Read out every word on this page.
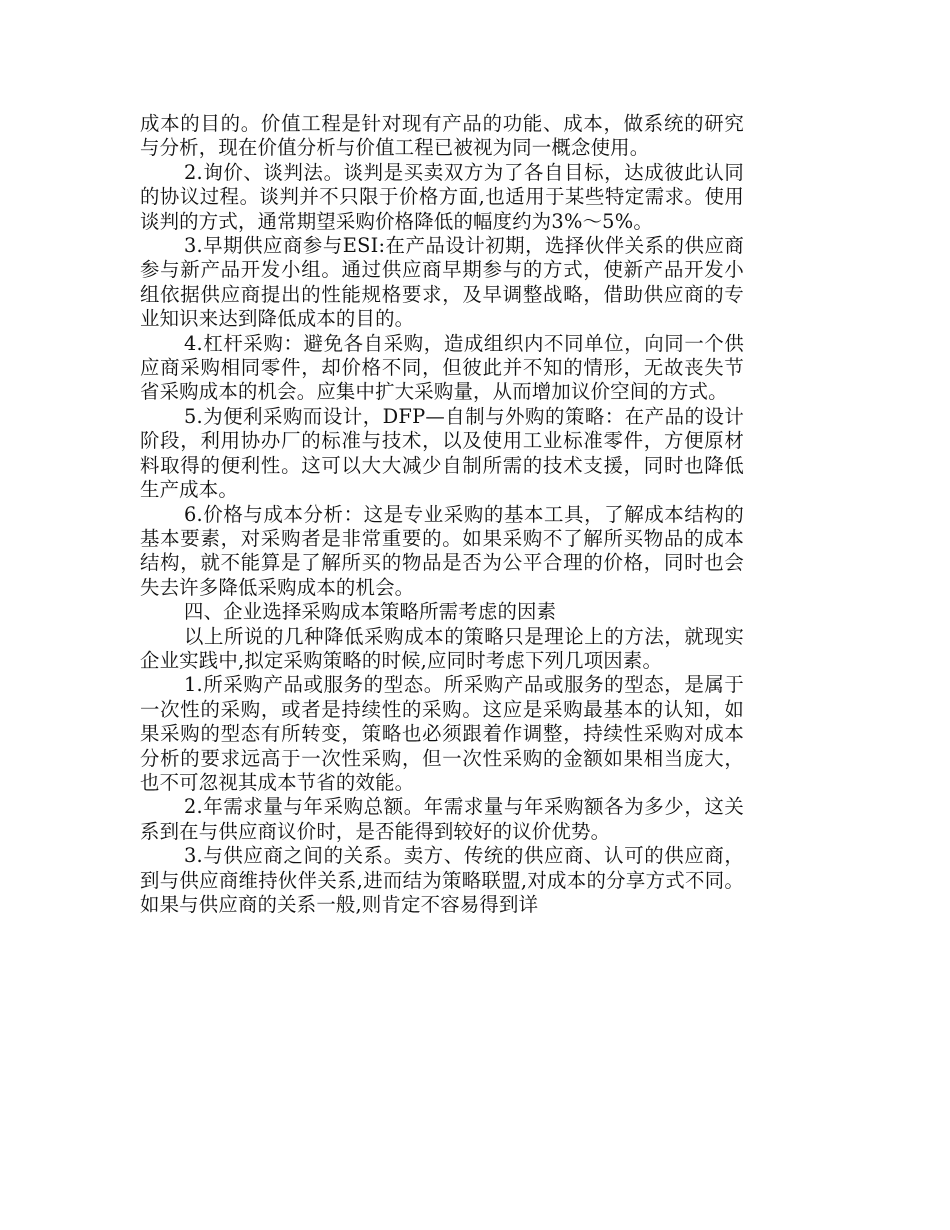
成本的目的。价值工程是针对现有产品的功能、成本，做系统的研究与分析，现在价值分析与价值工程已被视为同一概念使用。

2.询价、谈判法。谈判是买卖双方为了各自目标，达成彼此认同的协议过程。谈判并不只限于价格方面,也适用于某些特定需求。使用谈判的方式，通常期望采购价格降低的幅度约为3%～5%。

3.早期供应商参与ESI:在产品设计初期，选择伙伴关系的供应商参与新产品开发小组。通过供应商早期参与的方式，使新产品开发小组依据供应商提出的性能规格要求，及早调整战略，借助供应商的专业知识来达到降低成本的目的。

4.杠杆采购：避免各自采购，造成组织内不同单位，向同一个供应商采购相同零件，却价格不同，但彼此并不知的情形，无故丧失节省采购成本的机会。应集中扩大采购量，从而增加议价空间的方式。

5.为便利采购而设计，DFP—自制与外购的策略：在产品的设计阶段，利用协办厂的标准与技术，以及使用工业标准零件，方便原材料取得的便利性。这可以大大减少自制所需的技术支援，同时也降低生产成本。

6.价格与成本分析：这是专业采购的基本工具，了解成本结构的基本要素，对采购者是非常重要的。如果采购不了解所买物品的成本结构，就不能算是了解所买的物品是否为公平合理的价格，同时也会失去许多降低采购成本的机会。

四、企业选择采购成本策略所需考虑的因素

以上所说的几种降低采购成本的策略只是理论上的方法，就现实企业实践中,拟定采购策略的时候,应同时考虑下列几项因素。

1.所采购产品或服务的型态。所采购产品或服务的型态，是属于一次性的采购，或者是持续性的采购。这应是采购最基本的认知，如果采购的型态有所转变，策略也必须跟着作调整，持续性采购对成本分析的要求远高于一次性采购，但一次性采购的金额如果相当庞大，也不可忽视其成本节省的效能。

2.年需求量与年采购总额。年需求量与年采购额各为多少，这关系到在与供应商议价时，是否能得到较好的议价优势。

3.与供应商之间的关系。卖方、传统的供应商、认可的供应商，到与供应商维持伙伴关系,进而结为策略联盟,对成本的分享方式不同。如果与供应商的关系一般,则肯定不容易得到详
